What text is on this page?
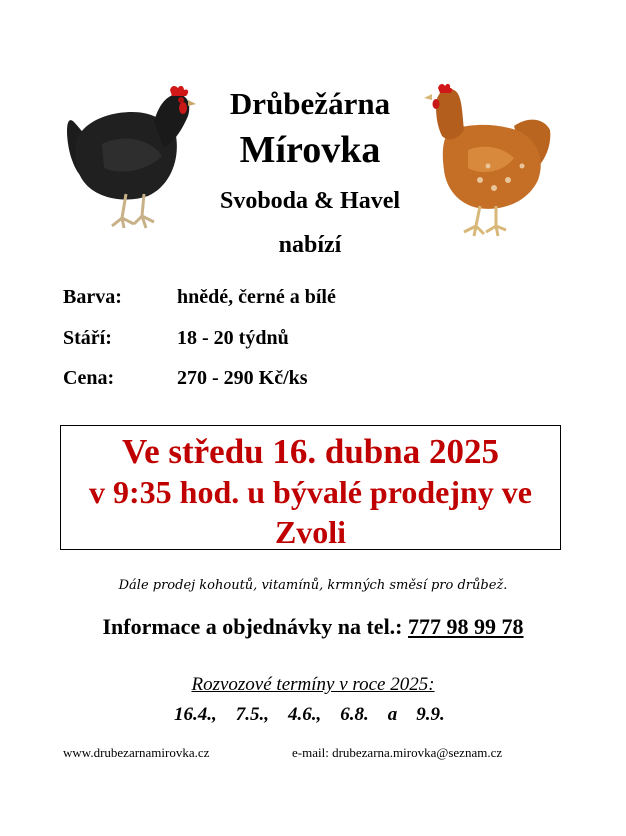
Drůbežárna
Mírovka
Svoboda & Havel
nabízí
Barva:	hnědé, černé a bílé
Stáří:	18 - 20 týdnů
Cena:	270 - 290 Kč/ks
Ve středu 16. dubna 2025
v 9:35 hod. u bývalé prodejny ve
Zvoli
Dále prodej kohoutů, vitamínů, krmných směsí pro drůbež.
Informace a objednávky na tel.: 777 98 99 78
Rozvozové termíny v roce 2025:
16.4.,    7.5.,    4.6.,    6.8.    a    9.9.
www.drubezarnamirovka.cz	e-mail: drubezarna.mirovka@seznam.cz
